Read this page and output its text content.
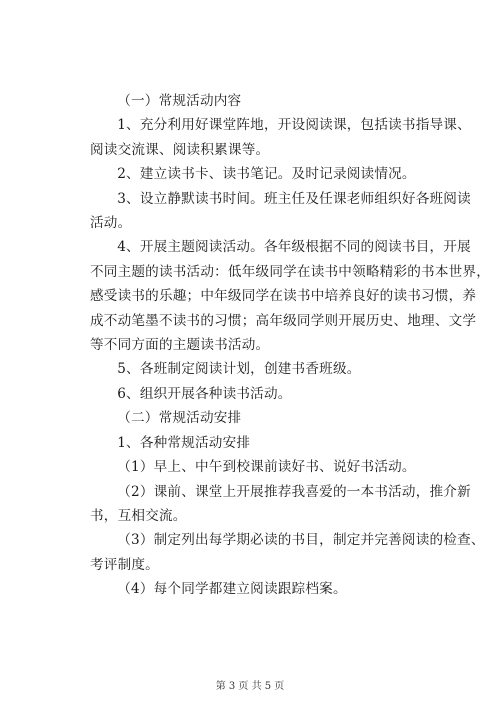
（一）常规活动内容
1、充分利用好课堂阵地，开设阅读课，包括读书指导课、
阅读交流课、阅读积累课等。
2、建立读书卡、读书笔记。及时记录阅读情况。
3、设立静默读书时间。班主任及任课老师组织好各班阅读
活动。
4、开展主题阅读活动。各年级根据不同的阅读书目，开展
不同主题的读书活动：低年级同学在读书中领略精彩的书本世界，
感受读书的乐趣；中年级同学在读书中培养良好的读书习惯，养
成不动笔墨不读书的习惯；高年级同学则开展历史、地理、文学
等不同方面的主题读书活动。
5、各班制定阅读计划，创建书香班级。
6、组织开展各种读书活动。
（二）常规活动安排
1、各种常规活动安排
（1）早上、中午到校课前读好书、说好书活动。
（2）课前、课堂上开展推荐我喜爱的一本书活动，推介新
书，互相交流。
（3）制定列出每学期必读的书目，制定并完善阅读的检查、
考评制度。
（4）每个同学都建立阅读跟踪档案。
第 3 页 共 5 页
